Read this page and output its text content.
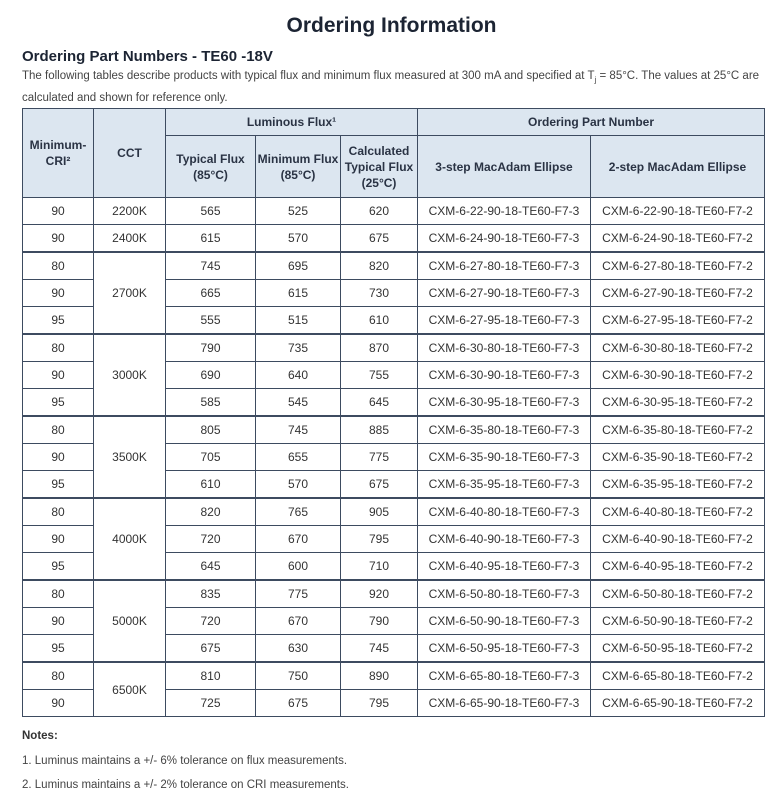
Ordering Information
Ordering Part Numbers - TE60 -18V
The following tables describe products with typical flux and minimum flux measured at 300 mA and specified at $T_j = 85^\circ C$. The values at 25°C are calculated and shown for reference only.
Minimum-CRI²	CCT	Luminous Flux¹			Ordering Part Number	
		Typical Flux (85°C)	Minimum Flux (85°C)	Calculated Typical Flux (25°C)	3-step MacAdam Ellipse	2-step MacAdam Ellipse
90	2200K	565	525	620	CXM-6-22-90-18-TE60-F7-3	CXM-6-22-90-18-TE60-F7-2
90	2400K	615	570	675	CXM-6-24-90-18-TE60-F7-3	CXM-6-24-90-18-TE60-F7-2
80	2700K	745	695	820	CXM-6-27-80-18-TE60-F7-3	CXM-6-27-80-18-TE60-F7-2
90		665	615	730	CXM-6-27-90-18-TE60-F7-3	CXM-6-27-90-18-TE60-F7-2
95		555	515	610	CXM-6-27-95-18-TE60-F7-3	CXM-6-27-95-18-TE60-F7-2
80	3000K	790	735	870	CXM-6-30-80-18-TE60-F7-3	CXM-6-30-80-18-TE60-F7-2
90		690	640	755	CXM-6-30-90-18-TE60-F7-3	CXM-6-30-90-18-TE60-F7-2
95		585	545	645	CXM-6-30-95-18-TE60-F7-3	CXM-6-30-95-18-TE60-F7-2
80	3500K	805	745	885	CXM-6-35-80-18-TE60-F7-3	CXM-6-35-80-18-TE60-F7-2
90		705	655	775	CXM-6-35-90-18-TE60-F7-3	CXM-6-35-90-18-TE60-F7-2
95		610	570	675	CXM-6-35-95-18-TE60-F7-3	CXM-6-35-95-18-TE60-F7-2
80	4000K	820	765	905	CXM-6-40-80-18-TE60-F7-3	CXM-6-40-80-18-TE60-F7-2
90		720	670	795	CXM-6-40-90-18-TE60-F7-3	CXM-6-40-90-18-TE60-F7-2
95		645	600	710	CXM-6-40-95-18-TE60-F7-3	CXM-6-40-95-18-TE60-F7-2
80	5000K	835	775	920	CXM-6-50-80-18-TE60-F7-3	CXM-6-50-80-18-TE60-F7-2
90		720	670	790	CXM-6-50-90-18-TE60-F7-3	CXM-6-50-90-18-TE60-F7-2
95		675	630	745	CXM-6-50-95-18-TE60-F7-3	CXM-6-50-95-18-TE60-F7-2
80	6500K	810	750	890	CXM-6-65-80-18-TE60-F7-3	CXM-6-65-80-18-TE60-F7-2
90		725	675	795	CXM-6-65-90-18-TE60-F7-3	CXM-6-65-90-18-TE60-F7-2
Notes:
1. Luminus maintains a +/- 6% tolerance on flux measurements.
2. Luminus maintains a +/- 2% tolerance on CRI measurements.
